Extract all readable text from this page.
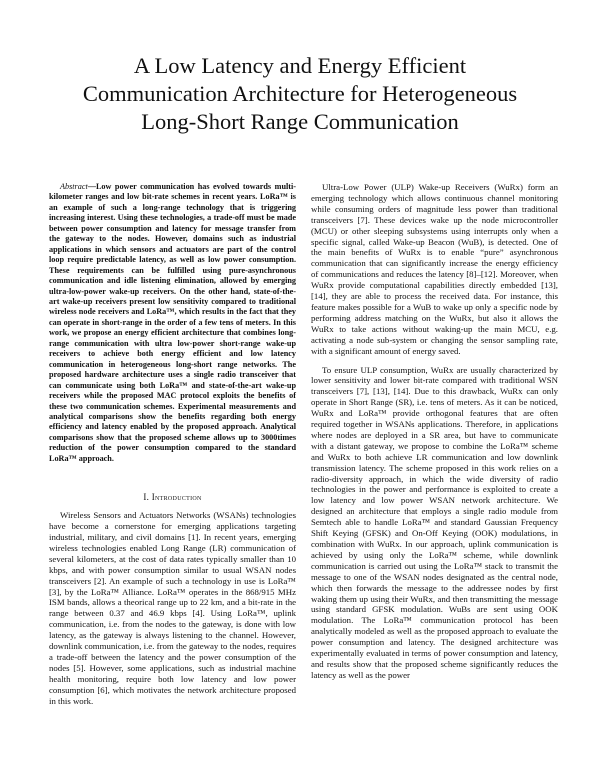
A Low Latency and Energy Efficient
Communication Architecture for Heterogeneous
Long-Short Range Communication

Abstract—Low power communication has evolved towards multi-kilometer ranges and low bit-rate schemes in recent years. LoRa™ is an example of such a long-range technology that is triggering increasing interest. Using these technologies, a trade-off must be made between power consumption and latency for message transfer from the gateway to the nodes. However, domains such as industrial applications in which sensors and actuators are part of the control loop require predictable latency, as well as low power consumption. These requirements can be fulfilled using pure-asynchronous communication and idle listening elimination, allowed by emerging ultra-low-power wake-up receivers. On the other hand, state-of-the-art wake-up receivers present low sensitivity compared to traditional wireless node receivers and LoRa™, which results in the fact that they can operate in short-range in the order of a few tens of meters. In this work, we propose an energy efficient architecture that combines long-range communication with ultra low-power short-range wake-up receivers to achieve both energy efficient and low latency communication in heterogeneous long-short range networks. The proposed hardware architecture uses a single radio transceiver that can communicate using both LoRa™ and state-of-the-art wake-up receivers while the proposed MAC protocol exploits the benefits of these two communication schemes. Experimental measurements and analytical comparisons show the benefits regarding both energy efficiency and latency enabled by the proposed approach. Analytical comparisons show that the proposed scheme allows up to 3000times reduction of the power consumption compared to the standard LoRa™ approach.

I. Introduction

Wireless Sensors and Actuators Networks (WSANs) technologies have become a cornerstone for emerging applications targeting industrial, military, and civil domains [1]. In recent years, emerging wireless technologies enabled Long Range (LR) communication of several kilometers, at the cost of data rates typically smaller than 10 kbps, and with power consumption similar to usual WSAN nodes transceivers [2]. An example of such a technology in use is LoRa™ [3], by the LoRa™ Alliance. LoRa™ operates in the 868/915 MHz ISM bands, allows a theorical range up to 22 km, and a bit-rate in the range between 0.37 and 46.9 kbps [4]. Using LoRa™, uplink communication, i.e. from the nodes to the gateway, is done with low latency, as the gateway is always listening to the channel. However, downlink communication, i.e. from the gateway to the nodes, requires a trade-off between the latency and the power consumption of the nodes [5]. However, some applications, such as industrial machine health monitoring, require both low latency and low power consumption [6], which motivates the network architecture proposed in this work.

Ultra-Low Power (ULP) Wake-up Receivers (WuRx) form an emerging technology which allows continuous channel monitoring while consuming orders of magnitude less power than traditional transceivers [7]. These devices wake up the node microcontroller (MCU) or other sleeping subsystems using interrupts only when a specific signal, called Wake-up Beacon (WuB), is detected. One of the main benefits of WuRx is to enable “pure” asynchronous communication that can significantly increase the energy efficiency of communications and reduces the latency [8]–[12]. Moreover, when WuRx provide computational capabilities directly embedded [13], [14], they are able to process the received data. For instance, this feature makes possible for a WuB to wake up only a specific node by performing address matching on the WuRx, but also it allows the WuRx to take actions without waking-up the main MCU, e.g. activating a node sub-system or changing the sensor sampling rate, with a significant amount of energy saved.

To ensure ULP consumption, WuRx are usually characterized by lower sensitivity and lower bit-rate compared with traditional WSN transceivers [7], [13], [14]. Due to this drawback, WuRx can only operate in Short Range (SR), i.e. tens of meters. As it can be noticed, WuRx and LoRa™ provide orthogonal features that are often required together in WSANs applications. Therefore, in applications where nodes are deployed in a SR area, but have to communicate with a distant gateway, we propose to combine the LoRa™ scheme and WuRx to both achieve LR communication and low downlink transmission latency. The scheme proposed in this work relies on a radio-diversity approach, in which the wide diversity of radio technologies in the power and performance is exploited to create a low latency and low power WSAN network architecture. We designed an architecture that employs a single radio module from Semtech able to handle LoRa™ and standard Gaussian Frequency Shift Keying (GFSK) and On-Off Keying (OOK) modulations, in combination with WuRx. In our approach, uplink communication is achieved by using only the LoRa™ scheme, while downlink communication is carried out using the LoRa™ stack to transmit the message to one of the WSAN nodes designated as the central node, which then forwards the message to the addressee nodes by first waking them up using their WuRx, and then transmitting the message using standard GFSK modulation. WuBs are sent using OOK modulation. The LoRa™ communication protocol has been analytically modeled as well as the proposed approach to evaluate the power consumption and latency. The designed architecture was experimentally evaluated in terms of power consumption and latency, and results show that the proposed scheme significantly reduces the latency as well as the power
